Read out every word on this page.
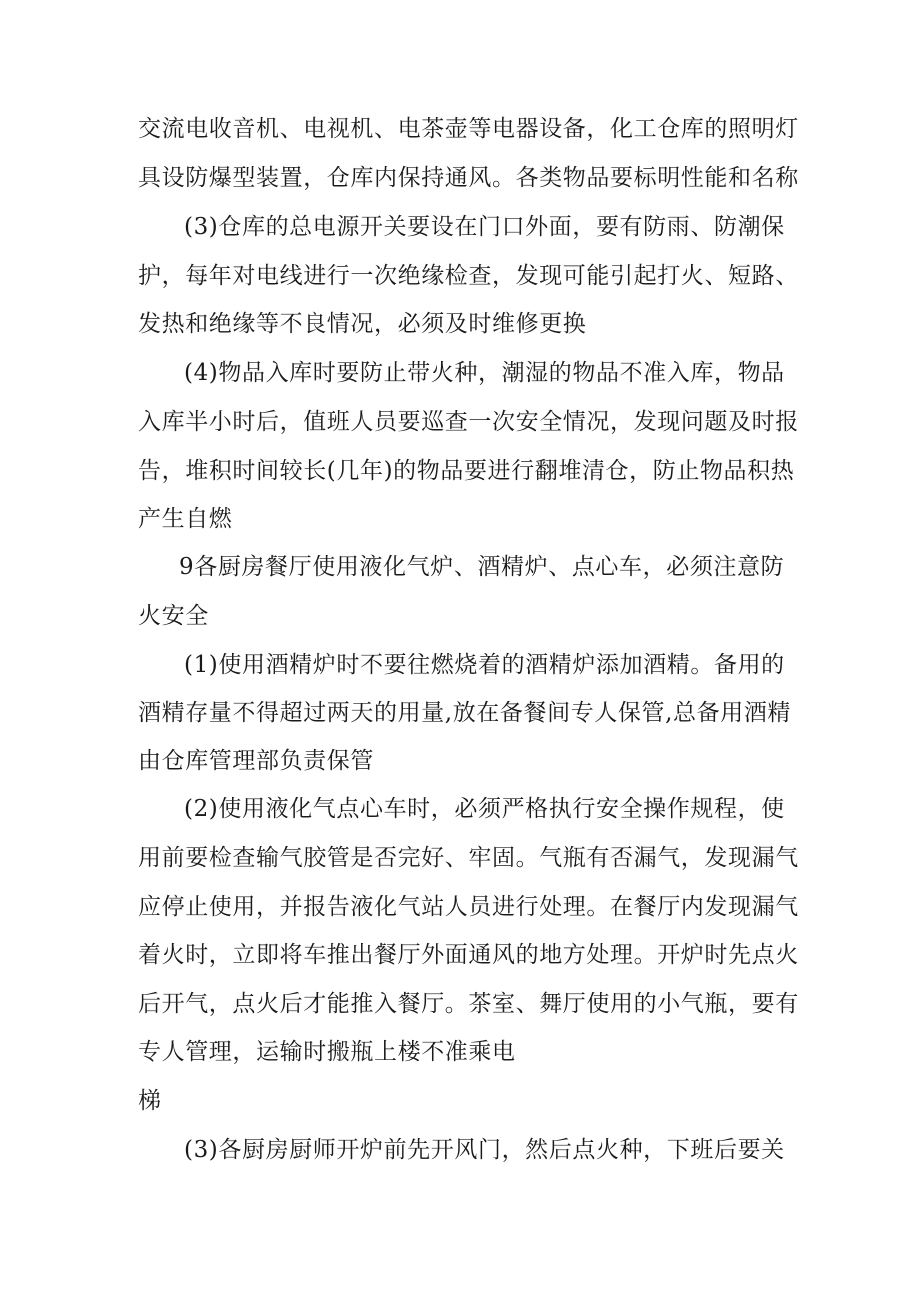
交流电收音机、电视机、电茶壶等电器设备，化工仓库的照明灯
具设防爆型装置，仓库内保持通风。各类物品要标明性能和名称
(3)仓库的总电源开关要设在门口外面，要有防雨、防潮保
护，每年对电线进行一次绝缘检查，发现可能引起打火、短路、
发热和绝缘等不良情况，必须及时维修更换
(4)物品入库时要防止带火种，潮湿的物品不准入库，物品
入库半小时后，值班人员要巡查一次安全情况，发现问题及时报
告，堆积时间较长(几年)的物品要进行翻堆清仓，防止物品积热
产生自燃
9各厨房餐厅使用液化气炉、酒精炉、点心车，必须注意防
火安全
(1)使用酒精炉时不要往燃烧着的酒精炉添加酒精。备用的
酒精存量不得超过两天的用量,放在备餐间专人保管,总备用酒精
由仓库管理部负责保管
(2)使用液化气点心车时，必须严格执行安全操作规程，使
用前要检查输气胶管是否完好、牢固。气瓶有否漏气，发现漏气
应停止使用，并报告液化气站人员进行处理。在餐厅内发现漏气
着火时，立即将车推出餐厅外面通风的地方处理。开炉时先点火
后开气，点火后才能推入餐厅。茶室、舞厅使用的小气瓶，要有
专人管理，运输时搬瓶上楼不准乘电
梯
(3)各厨房厨师开炉前先开风门，然后点火种，下班后要关
